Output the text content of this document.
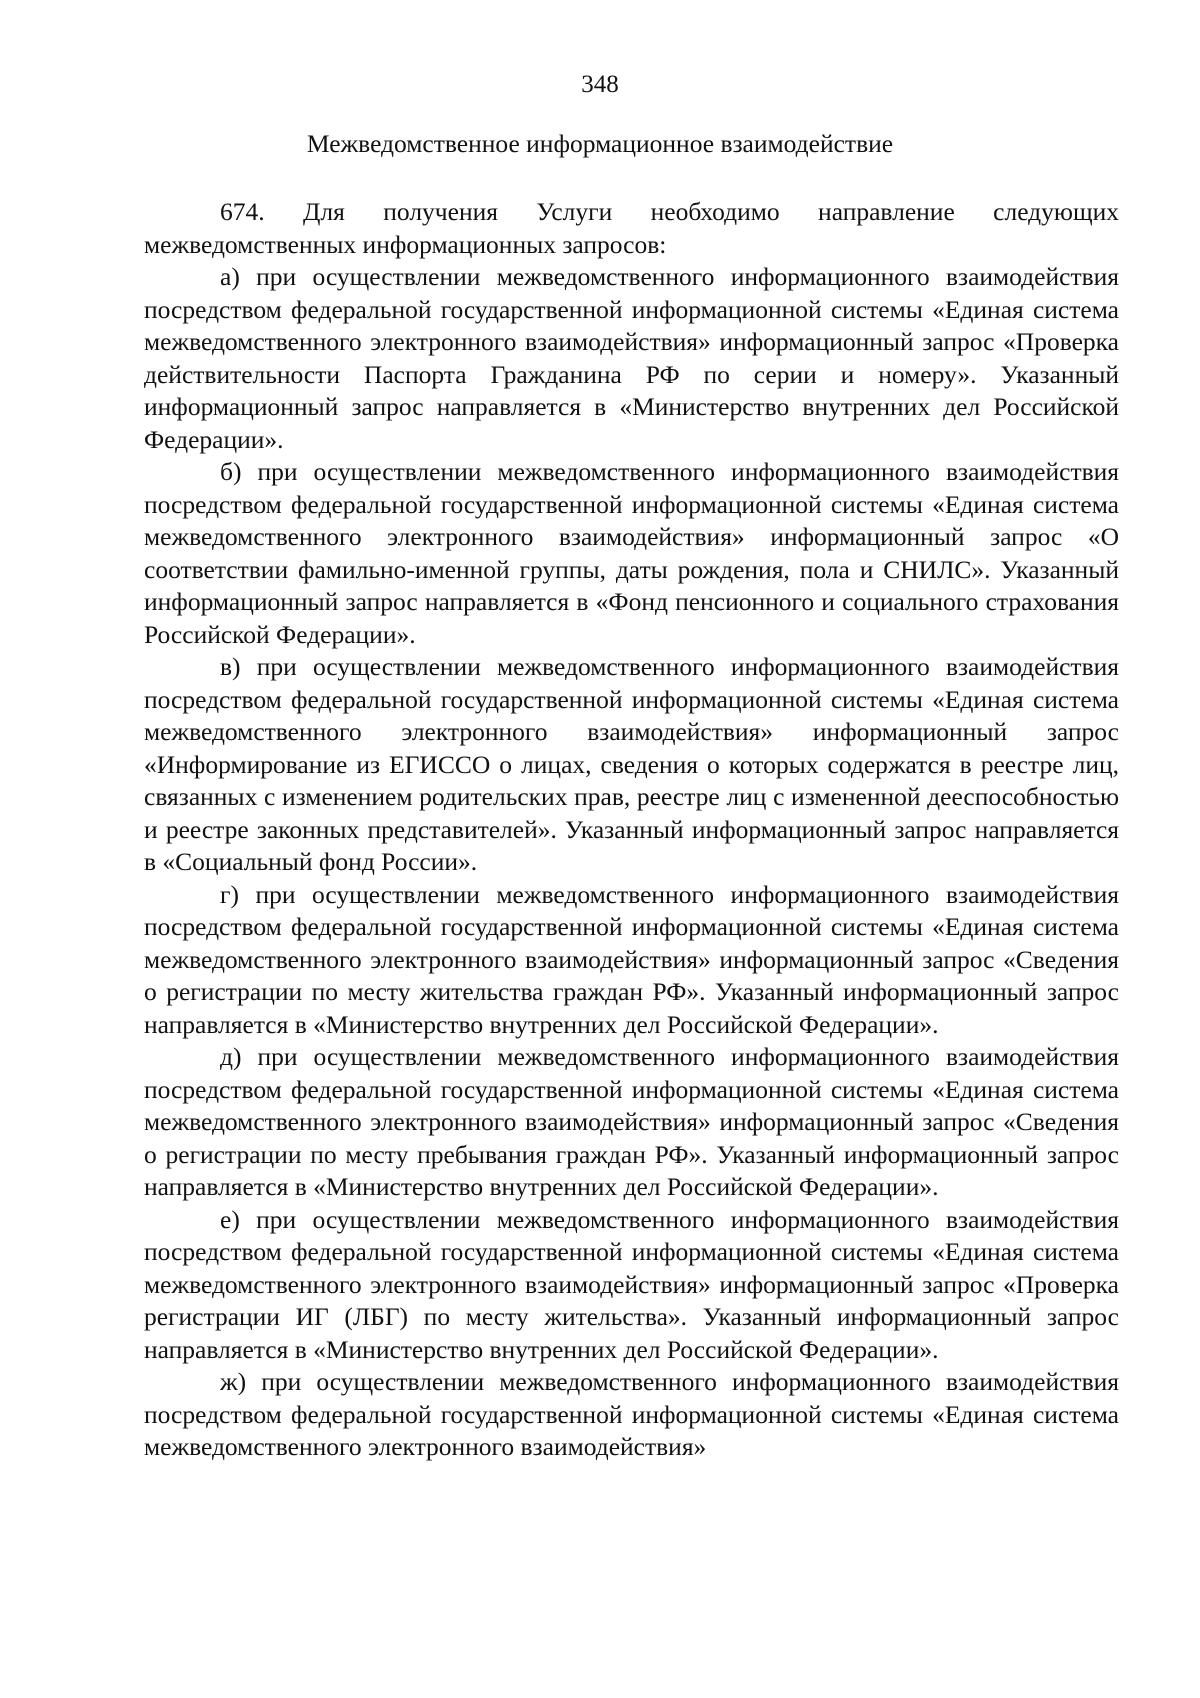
348
Межведомственное информационное взаимодействие

674. Для получения Услуги необходимо направление следующих межведомственных информационных запросов:

а) при осуществлении межведомственного информационного взаимодействия посредством федеральной государственной информационной системы «Единая система межведомственного электронного взаимодействия» информационный запрос «Проверка действительности Паспорта Гражданина РФ по серии и номеру». Указанный информационный запрос направляется в «Министерство внутренних дел Российской Федерации».

б) при осуществлении межведомственного информационного взаимодействия посредством федеральной государственной информационной системы «Единая система межведомственного электронного взаимодействия» информационный запрос «О соответствии фамильно-именной группы, даты рождения, пола и СНИЛС». Указанный информационный запрос направляется в «Фонд пенсионного и социального страхования Российской Федерации».

в) при осуществлении межведомственного информационного взаимодействия посредством федеральной государственной информационной системы «Единая система межведомственного электронного взаимодействия» информационный запрос «Информирование из ЕГИССО о лицах, сведения о которых содержатся в реестре лиц, связанных с изменением родительских прав, реестре лиц с измененной дееспособностью и реестре законных представителей». Указанный информационный запрос направляется в «Социальный фонд России».

г) при осуществлении межведомственного информационного взаимодействия посредством федеральной государственной информационной системы «Единая система межведомственного электронного взаимодействия» информационный запрос «Сведения о регистрации по месту жительства граждан РФ». Указанный информационный запрос направляется в «Министерство внутренних дел Российской Федерации».

д) при осуществлении межведомственного информационного взаимодействия посредством федеральной государственной информационной системы «Единая система межведомственного электронного взаимодействия» информационный запрос «Сведения о регистрации по месту пребывания граждан РФ». Указанный информационный запрос направляется в «Министерство внутренних дел Российской Федерации».

е) при осуществлении межведомственного информационного взаимодействия посредством федеральной государственной информационной системы «Единая система межведомственного электронного взаимодействия» информационный запрос «Проверка регистрации ИГ (ЛБГ) по месту жительства». Указанный информационный запрос направляется в «Министерство внутренних дел Российской Федерации».

ж) при осуществлении межведомственного информационного взаимодействия посредством федеральной государственной информационной системы «Единая система межведомственного электронного взаимодействия»
